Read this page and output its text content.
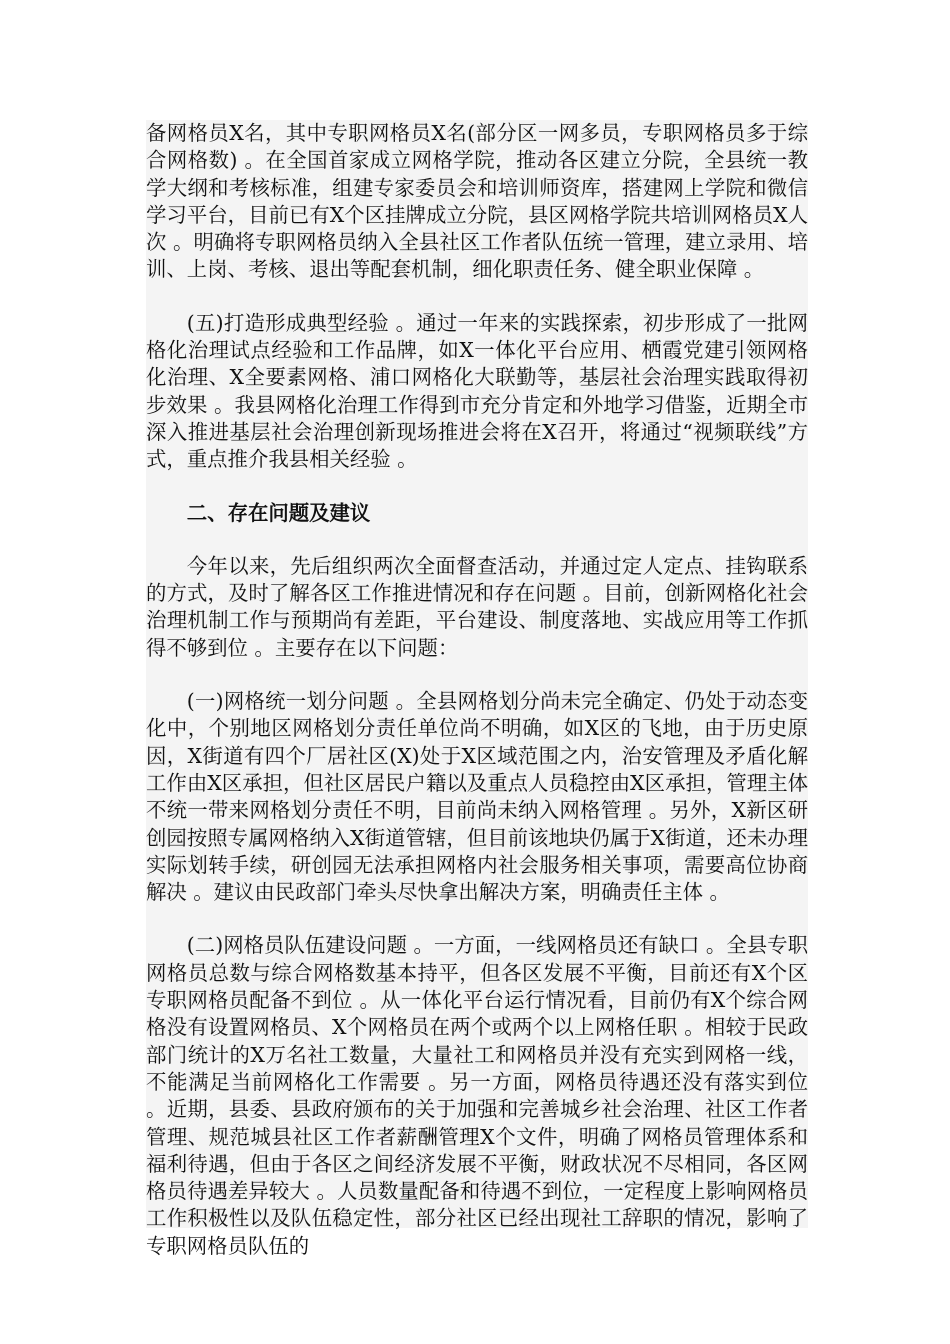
备网格员X名，其中专职网格员X名(部分区一网多员，专职网格员多于综合网格数) 。在全国首家成立网格学院，推动各区建立分院，全县统一教学大纲和考核标准，组建专家委员会和培训师资库，搭建网上学院和微信学习平台，目前已有X个区挂牌成立分院，县区网格学院共培训网格员X人次 。明确将专职网格员纳入全县社区工作者队伍统一管理，建立录用、培训、上岗、考核、退出等配套机制，细化职责任务、健全职业保障 。

(五)打造形成典型经验 。通过一年来的实践探索，初步形成了一批网格化治理试点经验和工作品牌，如X一体化平台应用、栖霞党建引领网格化治理、X全要素网格、浦口网格化大联勤等，基层社会治理实践取得初步效果 。我县网格化治理工作得到市充分肯定和外地学习借鉴，近期全市深入推进基层社会治理创新现场推进会将在X召开，将通过“视频联线”方式，重点推介我县相关经验 。

二、存在问题及建议

今年以来，先后组织两次全面督查活动，并通过定人定点、挂钩联系的方式，及时了解各区工作推进情况和存在问题 。目前，创新网格化社会治理机制工作与预期尚有差距，平台建设、制度落地、实战应用等工作抓得不够到位 。主要存在以下问题：

(一)网格统一划分问题 。全县网格划分尚未完全确定、仍处于动态变化中，个别地区网格划分责任单位尚不明确，如X区的飞地，由于历史原因，X街道有四个厂居社区(X)处于X区域范围之内，治安管理及矛盾化解工作由X区承担，但社区居民户籍以及重点人员稳控由X区承担，管理主体不统一带来网格划分责任不明，目前尚未纳入网格管理 。另外，X新区研创园按照专属网格纳入X街道管辖，但目前该地块仍属于X街道，还未办理实际划转手续，研创园无法承担网格内社会服务相关事项，需要高位协商解决 。建议由民政部门牵头尽快拿出解决方案，明确责任主体 。

(二)网格员队伍建设问题 。一方面，一线网格员还有缺口 。全县专职网格员总数与综合网格数基本持平，但各区发展不平衡，目前还有X个区专职网格员配备不到位 。从一体化平台运行情况看，目前仍有X个综合网格没有设置网格员、X个网格员在两个或两个以上网格任职 。相较于民政部门统计的X万名社工数量，大量社工和网格员并没有充实到网格一线，不能满足当前网格化工作需要 。另一方面，网格员待遇还没有落实到位 。近期，县委、县政府颁布的关于加强和完善城乡社会治理、社区工作者管理、规范城县社区工作者薪酬管理X个文件，明确了网格员管理体系和福利待遇，但由于各区之间经济发展不平衡，财政状况不尽相同，各区网格员待遇差异较大 。人员数量配备和待遇不到位，一定程度上影响网格员工作积极性以及队伍稳定性，部分社区已经出现社工辞职的情况，影响了专职网格员队伍的
